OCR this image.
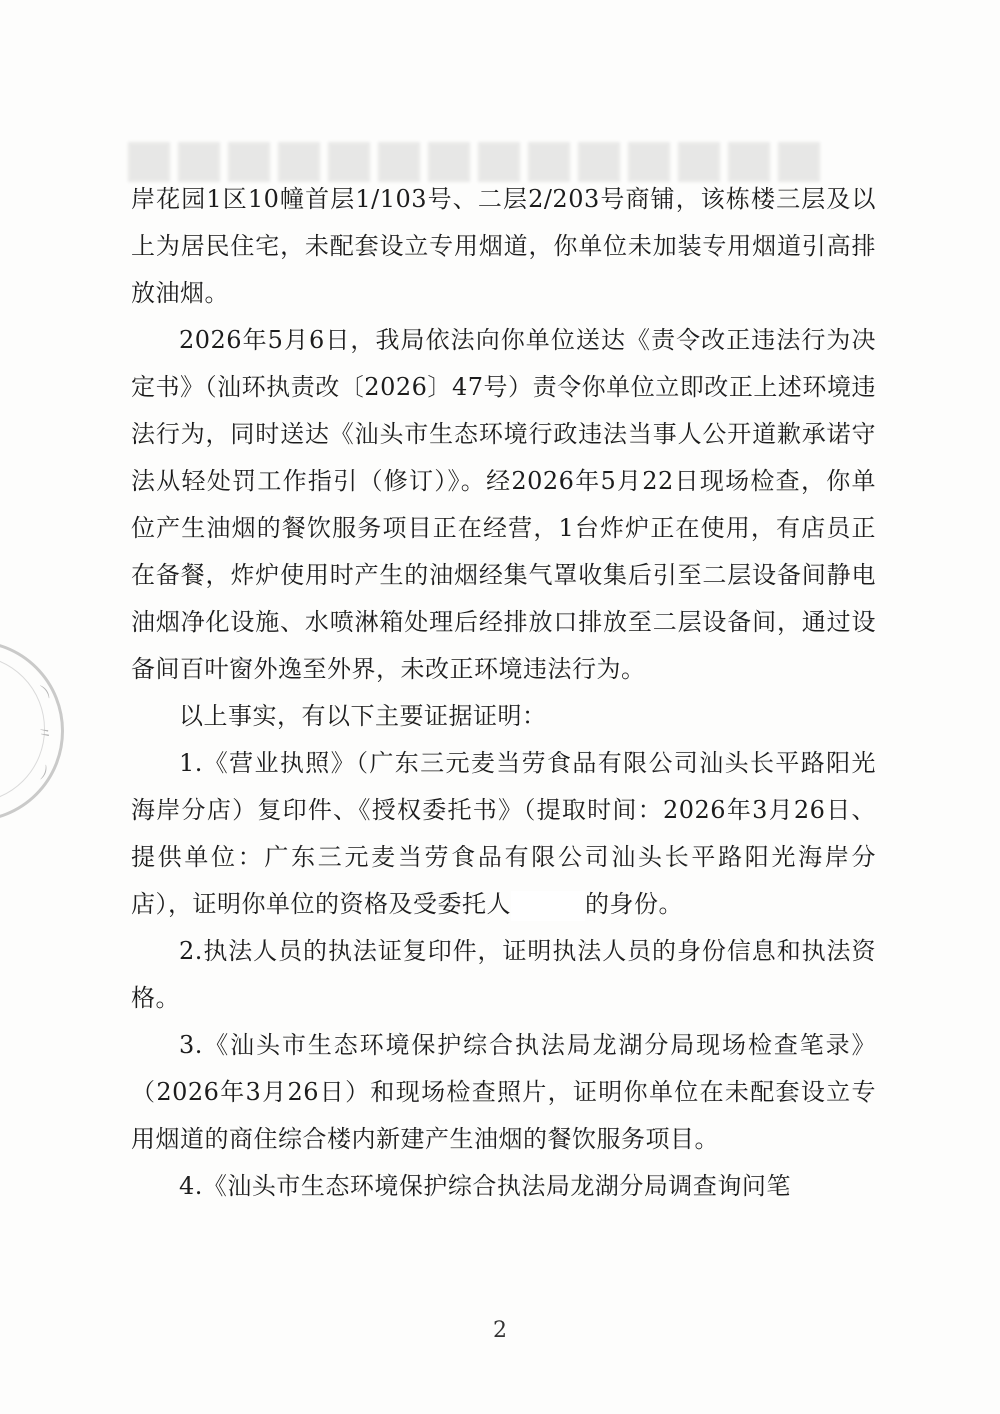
⌒
〃
⌒

岸花园1区10幢首层1/103号、二层2/203号商铺，该栋楼三层及以上为居民住宅，未配套设立专用烟道，你单位未加装专用烟道引高排放油烟。

2026年5月6日，我局依法向你单位送达《责令改正违法行为决定书》（汕环执责改〔2026〕47号）责令你单位立即改正上述环境违法行为，同时送达《汕头市生态环境行政违法当事人公开道歉承诺守法从轻处罚工作指引（修订）》。经2026年5月22日现场检查，你单位产生油烟的餐饮服务项目正在经营，1台炸炉正在使用，有店员正在备餐，炸炉使用时产生的油烟经集气罩收集后引至二层设备间静电油烟净化设施、水喷淋箱处理后经排放口排放至二层设备间，通过设备间百叶窗外逸至外界，未改正环境违法行为。

以上事实，有以下主要证据证明：

1.《营业执照》（广东三元麦当劳食品有限公司汕头长平路阳光海岸分店）复印件、《授权委托书》（提取时间：2026年3月26日、提供单位：广东三元麦当劳食品有限公司汕头长平路阳光海岸分店），证明你单位的资格及受委托人	的身份。

2.执法人员的执法证复印件，证明执法人员的身份信息和执法资格。

3.《汕头市生态环境保护综合执法局龙湖分局现场检查笔录》（2026年3月26日）和现场检查照片，证明你单位在未配套设立专用烟道的商住综合楼内新建产生油烟的餐饮服务项目。

4.《汕头市生态环境保护综合执法局龙湖分局调查询问笔

2
